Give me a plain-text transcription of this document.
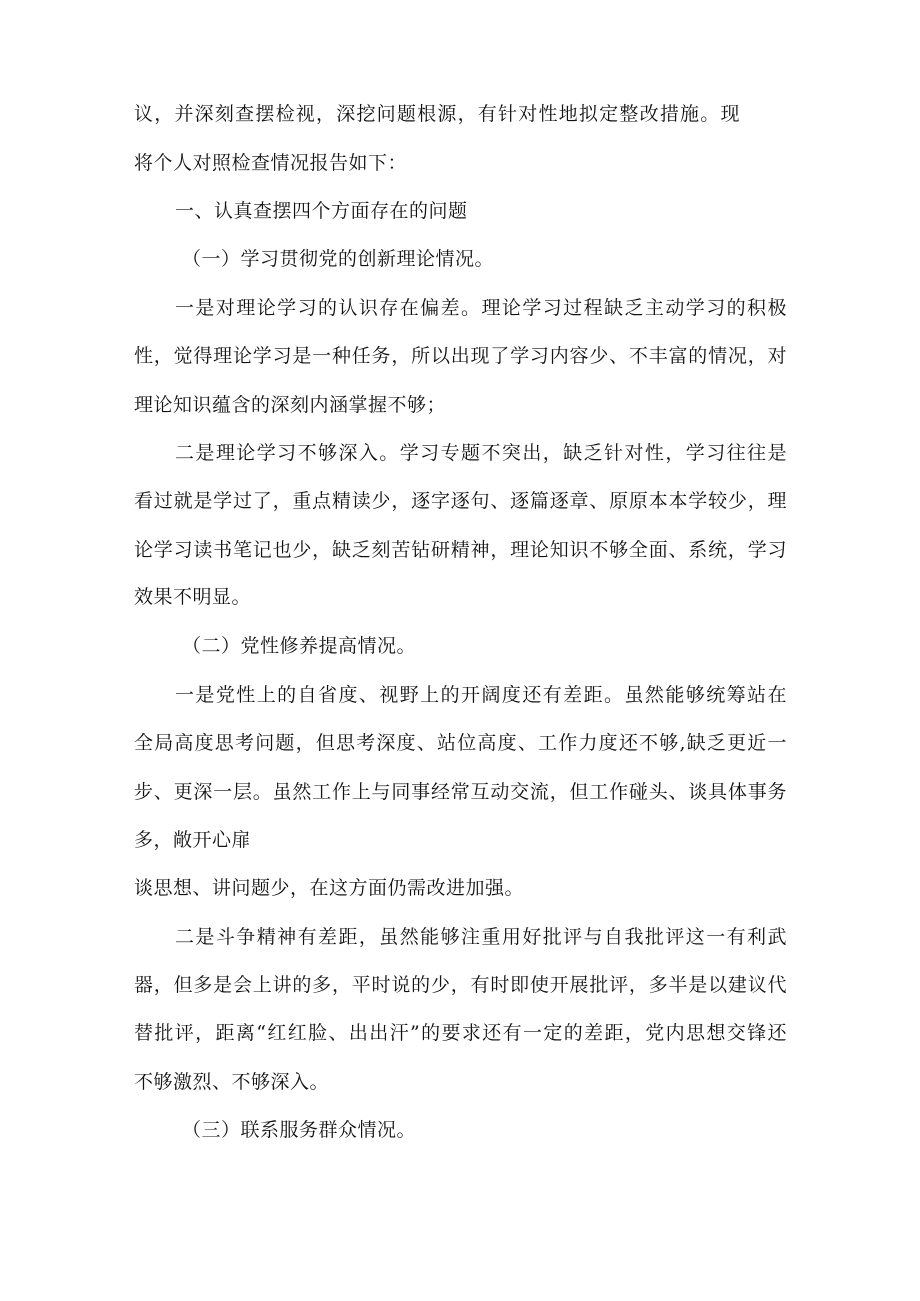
议，并深刻查摆检视，深挖问题根源，有针对性地拟定整改措施。现
将个人对照检查情况报告如下：
一、认真查摆四个方面存在的问题
（一）学习贯彻党的创新理论情况。
一是对理论学习的认识存在偏差。理论学习过程缺乏主动学习的积极
性，觉得理论学习是一种任务，所以出现了学习内容少、不丰富的情况，对
理论知识蕴含的深刻内涵掌握不够；
二是理论学习不够深入。学习专题不突出，缺乏针对性，学习往往是
看过就是学过了，重点精读少，逐字逐句、逐篇逐章、原原本本学较少，理
论学习读书笔记也少，缺乏刻苦钻研精神，理论知识不够全面、系统，学习
效果不明显。
（二）党性修养提高情况。
一是党性上的自省度、视野上的开阔度还有差距。虽然能够统筹站在
全局高度思考问题，但思考深度、站位高度、工作力度还不够,缺乏更近一
步、更深一层。虽然工作上与同事经常互动交流，但工作碰头、谈具体事务
多，敞开心扉
谈思想、讲问题少，在这方面仍需改进加强。
二是斗争精神有差距，虽然能够注重用好批评与自我批评这一有利武
器，但多是会上讲的多，平时说的少，有时即使开展批评，多半是以建议代
替批评，距离“红红脸、出出汗”的要求还有一定的差距，党内思想交锋还
不够激烈、不够深入。
（三）联系服务群众情况。
